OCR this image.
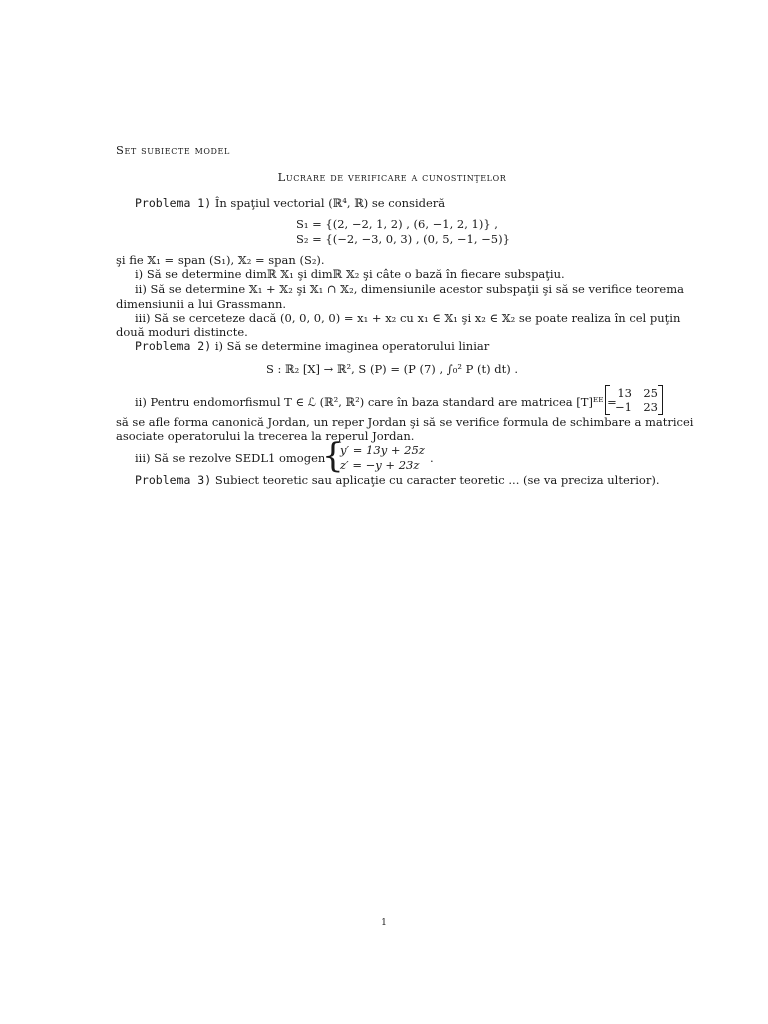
Set subiecte model
Lucrare de verificare a cunostinţelor
Problema 1) În spaţiul vectorial (ℝ⁴, ℝ) se consideră
S₁ = {(2, −2, 1, 2) , (6, −1, 2, 1)} ,
S₂ = {(−2, −3, 0, 3) , (0, 5, −1, −5)}
şi fie 𝕏₁ = span (S₁), 𝕏₂ = span (S₂).
i) Să se determine dimℝ 𝕏₁ şi dimℝ 𝕏₂ şi câte o bază în fiecare subspaţiu.
ii) Să se determine 𝕏₁ + 𝕏₂ şi 𝕏₁ ∩ 𝕏₂, dimensiunile acestor subspaţii şi să se verifice teorema
dimensiunii a lui Grassmann.
iii) Să se cerceteze dacă (0, 0, 0, 0) = x₁ + x₂ cu x₁ ∈ 𝕏₁ şi x₂ ∈ 𝕏₂ se poate realiza în cel puţin
două moduri distincte.
Problema 2) i) Să se determine imaginea operatorului liniar
S : ℝ₂ [X] → ℝ², S (P) = (P (7) , ∫₀² P (t) dt) .
ii) Pentru endomorfismul T ∈ ℒ (ℝ², ℝ²) care în baza standard are matricea [T]ᴱᴱ =
13 25
−1 23
să se afle forma canonică Jordan, un reper Jordan şi să se verifice formula de schimbare a matricei
asociate operatorului la trecerea la reperul Jordan.
iii) Să se rezolve SEDL1 omogen
{
y′ = 13y + 25z
z′ = −y + 23z .
Problema 3) Subiect teoretic sau aplicaţie cu caracter teoretic ... (se va preciza ulterior).
1
